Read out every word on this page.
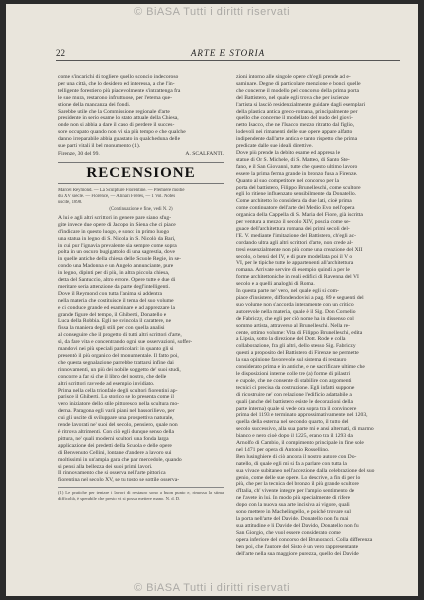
© BiASA Tutti i diritti riservati
22	ARTE E STORIA
come s'incarichi di togliere quello sconcio indecoroso
per una città, che lo desidero ed interessa, a che l'in-
telligente forestiero più piacevolmente s'intrattenga fra
le sue mura, restarono infruttuose, per l'eterna que-
stione della mancanza dei fondi.
Sarebbe utile che la Commissione regionale d'arte
presidente in serio esame lo stato attuale della Chiesa,
onde non si abbia a dare il caso di perdere il succes-
sore occupato quando non vi sia più tempo e che qualche
danno irreparabile abbia guastato in qualcheduna delle
sue parti vitali il bel monumento (1).
Firenze, 30 del 99.	A. SCALFANTI.
RECENSIONE
Marcel Reymond. — La Sculpture Florentine. — Première moitié
du XV siècle. — Florence, — Alinari Frères, — 1 Vol. Notes
uscite, 1898.
(Continuazione e fine, vedi N. 2)
A lui e agli altri scrittori in genere pare siano sfug-
gite invece due opere di Jacopo in Siena che ci piace
d'indicare in questo luogo, e sono: in primo luogo
una statua in legno di S. Nicola in S. Nicolò da Bari,
in cui pur l'ignavia prevalente sia sempre come sopra
polta in un oscuro bugigattolo di una sagrestia, dove
in quelle antiche della chiesa delle Scuole Regie, in se-
condo una Madonna e un Angelo annunciante, pure
in legno, dipinti per di più, in altra piccola chiesa,
detta del Santuccio, altro errore. Opere tutte e due di
meritare seria attenzione da parte degl'intelligenti.
Dove il Reymond con tutta l'anima si addentra
nella materia che costituisce il tema del suo volume
e ci conduce grande ed esaminare e ad apprezzare la
grande figure del tempo, il Ghiberti, Donatello e
Luca della Robbia. Egli ne svincola il carattere, ne
fissa la maniera degli stili per con quella analisi
al conseguire che il progetto di tutti altri scrittori d'arte,
sì, da fare vita e concentrando ogni sue osservazioni, soffer-
mandovi nei più speciali particolari: in quanto gli si
presentò il più organico del monumentale. Il fatto poi,
che questa segnalazione parrebbe trattarsi infine dai
rinnovamenti, un più dei nobile soggetto de' suoi studi,
concorre a far sì che il libro del nostro, che delle
altri scrittori ravvede ad esempio invidiato.
Prima nella cella trionfale degli scultori fiorentini ap-
parisce il Ghiberti. Lo storico se lo presenta come il
vero iniziatore dello stile pittoresco nella scultura mo-
derna. Paragona egli varii piani nel bassorilievo, per
cui gli uscite di sviluppare una prospettiva naturale,
rende lavorati ne' suoi del secolo, pensiero, quale non
è ritrova altrimenti. Con ciò egli dunque senso della
pittura, ne' quali moderni scultori una fonda larga
applicazione dei predetti della Scuola e delle opere
di Benvenuto Cellini, lontane d'andere a lavoro sui
moltissimi in un'ampia gara che par mercedole, quando
si pensi alla bellezza dei suoi primi lavori.
Il rinnovamento che si osserva nell'arte pittorica
fiorentina nel secolo XV, se tu tosto se sottile osserva-
(1) Le pratiche per tentare i lavori di restauro sono a buon punto e, rimossa la stima difficoltà, è sperabile che presto vi si possa mettere mano. N. d. D.
zioni intorno alle singole opere ch'egli prende ad e-
saminare. Degne di particolare menzione e bonci quelle
che concerne il modello pel concorso della prima porta
del Battistero, nel quale egli trova che per iscienze
l'artista si lasciò residenzialmente guidare dagli esemplari
della plastica antica greco-romana, principalmente per
quello che concerne il modellato del nudo del giovi-
netto Isacco, che ne l'Isacco mezzo ritratto dal figlio,
lodevoli nei rimanenti delle sue opere appare alfatto
indipendente dall'arte antica e tanto rispetto che prima
predicate dalle sue ideali direttive.
Dove più prende la debito esame ed appresa le
statue di Or S. Michele, di S. Matteo, di Santo Ste-
fano, e il San Giovanni, tutte che questo ultimo lavoro
essere la prima ferma grande in bronzo fusa a Firenze.
Quanto al suo competitore nel concorso per la
porta del battistero, Filippo Brunelleschi, come scultore
egli lo ritiene influenzato sensibilmente da Donatello.
Come architetto lo considera da due lati, cioè prima
come continuatore dell'arte del Medio Evo nell'opera
organica della Cappella di S. Maria del Fiore, già iscritta
per ventura a mezzo il secolo XIV, poscia come se-
guace dell'architettura romana dei primi secoli del-
l'E. V. mediante l'imitazione del Battistero, ch'egli ac-
cordando ultra agli altri scrittori d'arte, non crede al-
tresì essenzialmente non più come una creazione del XII
secolo, o bensì del IV, e di pure modellata poi il V o
VI, per le tipiche tutte le appartenenti all'architettura
romana. Arrivate servire di esempio quindi a per le
forme architettoniche in reali edifici di Ravenna del VI
secolo e a quelli analoghi di Roma.
In questa parte ne' vero, nel quale egli si com-
piace d'insistere, diffondendovisi a pag. 89 e seguenti del
suo volume non s'accorda interamente con un critico
autorevole nella materia, quale è il Sig. Don Cornelio
de Fabriczy, che egli per ciò nome ha in dissenso col
sommo artista, attraverso al Brunelleschi. Nella re-
cente, ottimo volume: Vita di Filippo Brunelleschi, edita
a Lipsia, sotto la direzione del Dott. Rode e colla
collaborazione, fra gli altri, dello stesso Sig. Fabriczy
questi a proposito del Battistero di Firenze ne permette
la sua opinione favorevole sul sistema di restauro
considerato prima e in antiche, e ne sacrificare ultime che
le disposizioni interne colle tre (a) forme di pilastri
e cupole, che ne consente di stabilire con argomenti
tecnici ci precisa da costruzione. Egli infatti suppone
di ricostruire ne' con relazione l'edificio adattabile a
quali (anche del battistero esiste le decorazioni della
parte interna) quale si vede ora sopra tra il convincere
prima del 1193 e terminato approssimativamente nel 1203,
quella della esterna nel secondo quarto, il tutto del
secolo successivo, alla sua parte mi e ansi alternati, di marmo
bianco e nero cioè dopo il 1225, erano tra il 1293 da
Arnolfo di Cambio, il compimento principale in fine sole
nel 1471 per opera di Antonio Rossellino.
Ben lusinghiere di ciò ancora il nostro autore con Do-
natello, di quale egli mi si fa a parlare con tutta la
sua vivace subitaneo nell'accezione dalla celebrazione del suo
genio, come delle sue opere. Lo descrive, a fin di per lo
più, che per la tecnica del bronzo il più grande scultore
d'Italia, ch' vivente integre per l'ampio sentimento de
ne l'avete in lui. In modo più specialmente di rifere
dopo con la nuova sua arte incisiva ai vigore, quali
sono mettere in Machelingello, e poiché trovare sul
la porta nell'arte del Davide. Donatello non fu mai
sua attitudine e li Davide del Davido, Donatello non fu
San Giorgio, che vuol essere considerato come
opera inferiore del concorso del Brunoracci. Colla differenza
ben poi, che l'autore del Sisto è un vero rappresentante
dell'arte nella sua maggiore purezza, quello dei Davide
© BiASA Tutti i diritti riservati
